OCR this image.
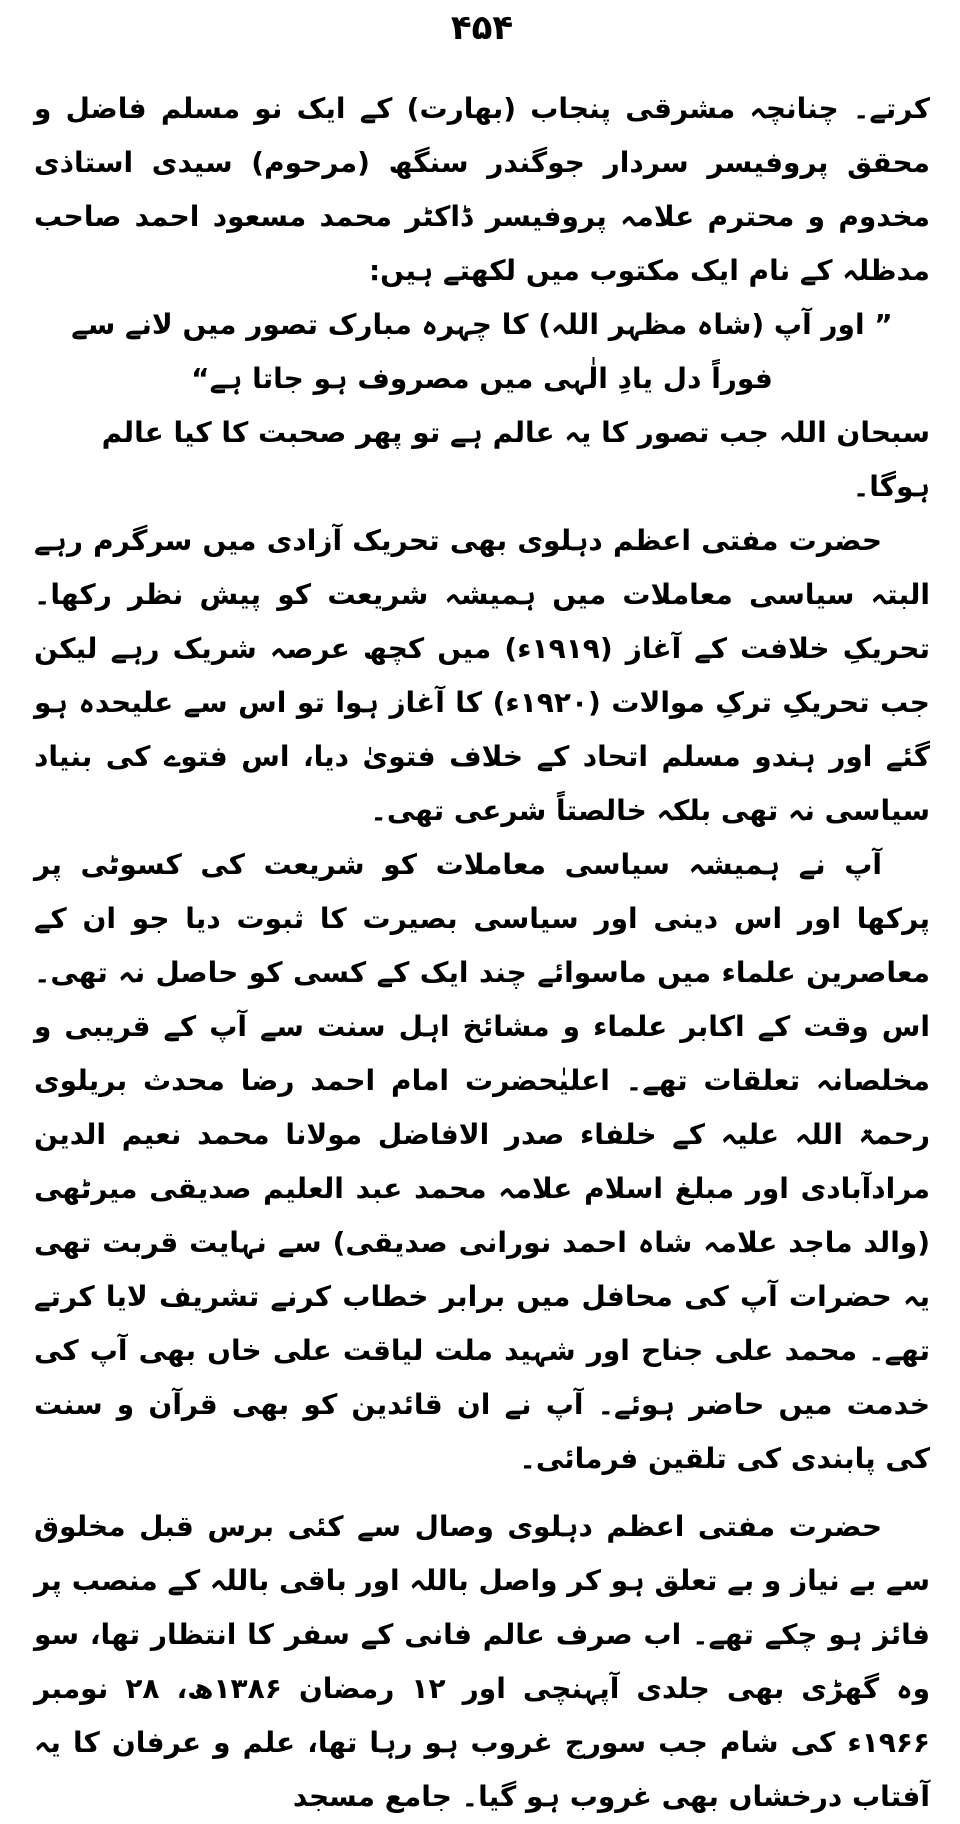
۴۵۴

کرتے۔ چنانچہ مشرقی پنجاب (بھارت) کے ایک نو مسلم فاضل و محقق پروفیسر سردار جوگندر سنگھ (مرحوم) سیدی استاذی مخدوم و محترم علامہ پروفیسر ڈاکٹر محمد مسعود احمد صاحب مدظلہ کے نام ایک مکتوب میں لکھتے ہیں:

” اور آپ (شاہ مظہر اللہ) کا چہرہ مبارک تصور میں لانے سے

فوراً دل یادِ الٰہی میں مصروف ہو جاتا ہے“

سبحان اللہ جب تصور کا یہ عالم ہے تو پھر صحبت کا کیا عالم ہوگا۔

حضرت مفتی اعظم دہلوی بھی تحریک آزادی میں سرگرم رہے البتہ سیاسی معاملات میں ہمیشہ شریعت کو پیش نظر رکھا۔ تحریکِ خلافت کے آغاز (۱۹۱۹ء) میں کچھ عرصہ شریک رہے لیکن جب تحریکِ ترکِ موالات (۱۹۲۰ء) کا آغاز ہوا تو اس سے علیحدہ ہو گئے اور ہندو مسلم اتحاد کے خلاف فتویٰ دیا، اس فتوے کی بنیاد سیاسی نہ تھی بلکہ خالصتاً شرعی تھی۔

آپ نے ہمیشہ سیاسی معاملات کو شریعت کی کسوٹی پر پرکھا اور اس دینی اور سیاسی بصیرت کا ثبوت دیا جو ان کے معاصرین علماء میں ماسوائے چند ایک کے کسی کو حاصل نہ تھی۔ اس وقت کے اکابر علماء و مشائخ اہل سنت سے آپ کے قریبی و مخلصانہ تعلقات تھے۔ اعلیٰحضرت امام احمد رضا محدث بریلوی رحمۃ اللہ علیہ کے خلفاء صدر الافاضل مولانا محمد نعیم الدین مرادآبادی اور مبلغ اسلام علامہ محمد عبد العلیم صدیقی میرٹھی (والد ماجد علامہ شاہ احمد نورانی صدیقی) سے نہایت قربت تھی یہ حضرات آپ کی محافل میں برابر خطاب کرنے تشریف لایا کرتے تھے۔ محمد علی جناح اور شہید ملت لیاقت علی خاں بھی آپ کی خدمت میں حاضر ہوئے۔ آپ نے ان قائدین کو بھی قرآن و سنت کی پابندی کی تلقین فرمائی۔

حضرت مفتی اعظم دہلوی وصال سے کئی برس قبل مخلوق سے بے نیاز و بے تعلق ہو کر واصل باللہ اور باقی باللہ کے منصب پر فائز ہو چکے تھے۔ اب صرف عالم فانی کے سفر کا انتظار تھا، سو وہ گھڑی بھی جلدی آپہنچی اور ۱۲ رمضان ۱۳۸۶ھ، ۲۸ نومبر ۱۹۶۶ء کی شام جب سورج غروب ہو رہا تھا، علم و عرفان کا یہ آفتاب درخشاں بھی غروب ہو گیا۔ جامع مسجد
